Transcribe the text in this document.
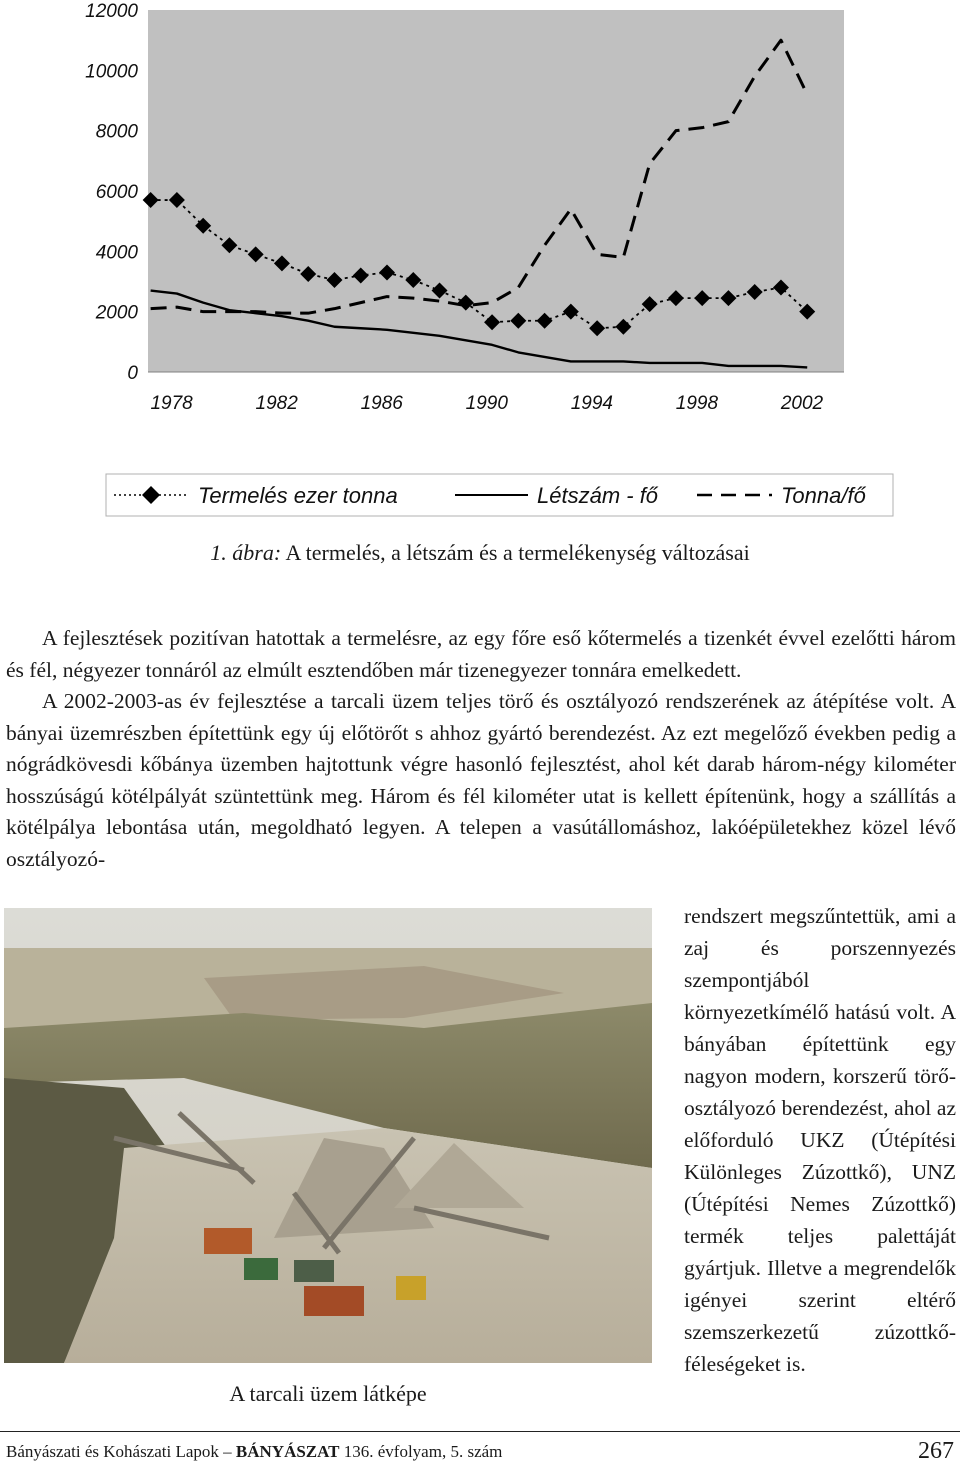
12000
10000
8000
6000
4000
2000
0
1978	1982	1986	1990	1994	1998	2002
Termelés ezer tonna	Létszám - fő	Tonna/fő
1. ábra: A termelés, a létszám és a termelékenység változásai

A fejlesztések pozitívan hatottak a termelésre, az egy főre eső kőtermelés a tizenkét évvel ezelőtti három és fél, négyezer tonnáról az elmúlt esztendőben már tizenegyezer tonnára emelkedett.

A 2002-2003-as év fejlesztése a tarcali üzem teljes törő és osztályozó rendszerének az átépítése volt. A bányai üzemrészben építettünk egy új előtörőt s ahhoz gyártó berendezést. Az ezt megelőző években pedig a nógrádkövesdi kőbánya üzemben hajtottunk végre hasonló fejlesztést, ahol két darab három-négy kilométer hosszúságú kötélpályát szüntettünk meg. Három és fél kilométer utat is kellett építenünk, hogy a szállítás a kötélpálya lebontása után, megoldható legyen. A telepen a vasútállomáshoz, lakóépületekhez közel lévő osztályozó-

rendszert megszűntettük, ami a zaj és porszennyezés szempontjából környezetkímélő hatású volt. A bányában építettünk egy nagyon modern, korszerű törő-osztályozó berendezést, ahol az előforduló UKZ (Útépítési Különleges Zúzottkő), UNZ (Útépítési Nemes Zúzottkő) termék teljes palettáját gyártjuk. Illetve a megrendelők igényei szerint eltérő szemszerkezetű zúzottkő-féleségeket is.
A tarcali üzem látképe
Bányászati és Kohászati Lapok – BÁNYÁSZAT 136. évfolyam, 5. szám	267
